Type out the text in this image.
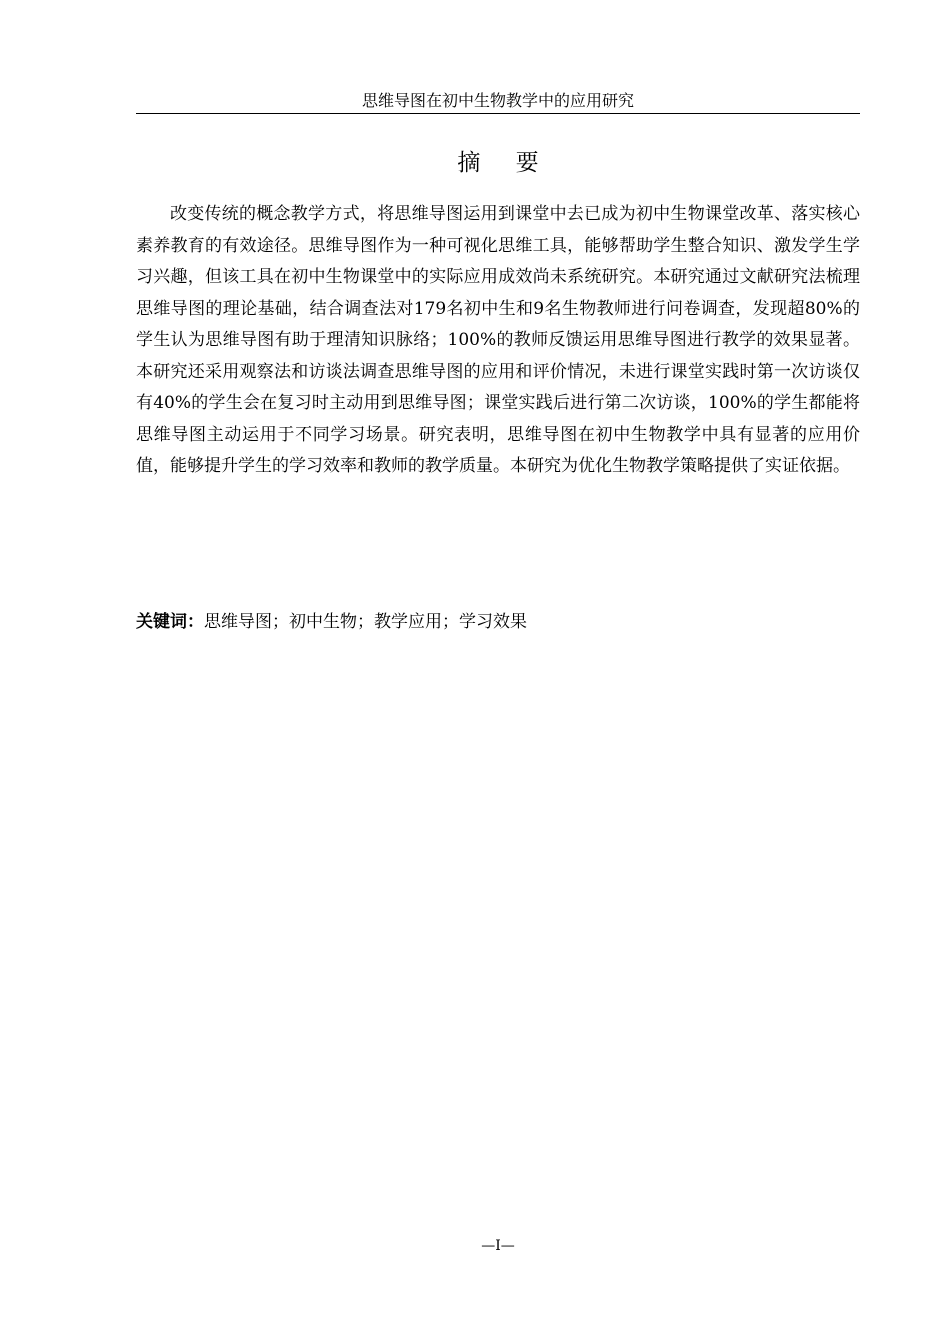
思维导图在初中生物教学中的应用研究
摘 要

改变传统的概念教学方式，将思维导图运用到课堂中去已成为初中生物课堂改革、落实核心素养教育的有效途径。思维导图作为一种可视化思维工具，能够帮助学生整合知识、激发学生学习兴趣，但该工具在初中生物课堂中的实际应用成效尚未系统研究。本研究通过文献研究法梳理思维导图的理论基础，结合调查法对179名初中生和9名生物教师进行问卷调查，发现超80%的学生认为思维导图有助于理清知识脉络；100%的教师反馈运用思维导图进行教学的效果显著。本研究还采用观察法和访谈法调查思维导图的应用和评价情况，未进行课堂实践时第一次访谈仅有40%的学生会在复习时主动用到思维导图；课堂实践后进行第二次访谈，100%的学生都能将思维导图主动运用于不同学习场景。研究表明，思维导图在初中生物教学中具有显著的应用价值，能够提升学生的学习效率和教师的教学质量。本研究为优化生物教学策略提供了实证依据。

关键词：思维导图；初中生物；教学应用；学习效果

—I—
